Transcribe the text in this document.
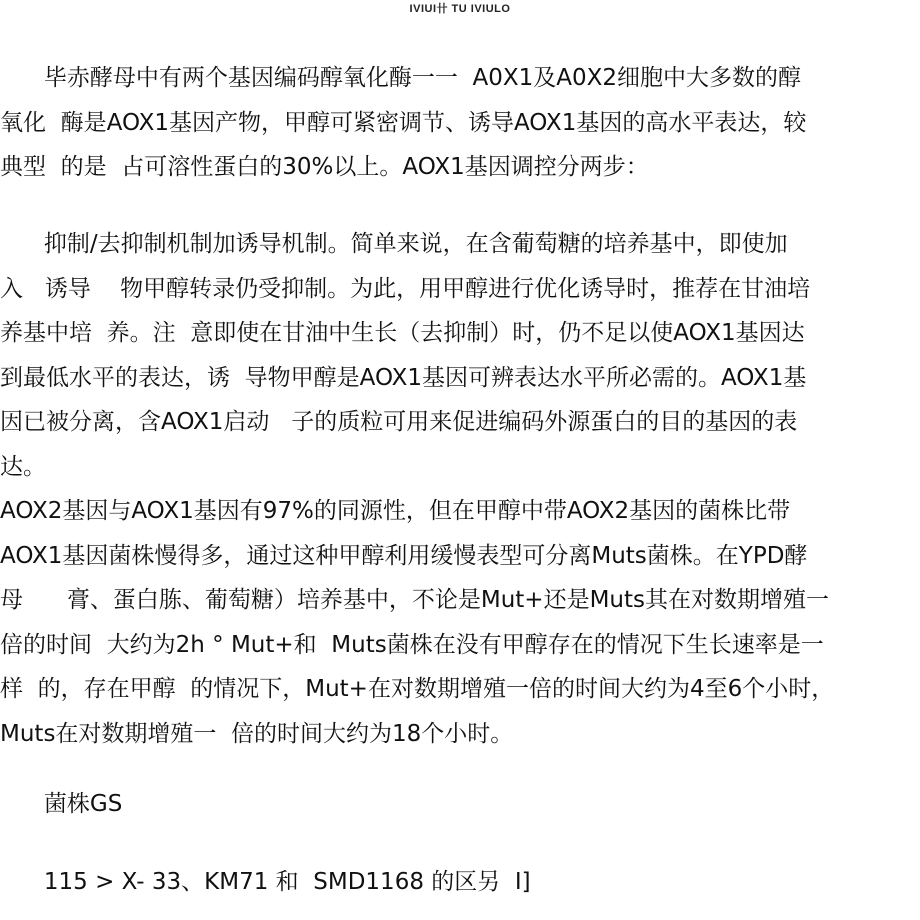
IVIUI卄 TU IVIULO
毕赤酵母中有两个基因编码醇氧化酶一一  A0X1及A0X2细胞中大多数的醇
氧化  酶是AOX1基因产物，甲醇可紧密调节、诱导AOX1基因的高水平表达，较
典型  的是  占可溶性蛋白的30%以上。AOX1基因调控分两步：
抑制/去抑制机制加诱导机制。简单来说，在含葡萄糖的培养基中，即使加
入   诱导    物甲醇转录仍受抑制。为此，用甲醇进行优化诱导时，推荐在甘油培
养基中培  养。注  意即使在甘油中生长（去抑制）时，仍不足以使AOX1基因达
到最低水平的表达，诱  导物甲醇是AOX1基因可辨表达水平所必需的。AOX1基
因已被分离，含AOX1启动   子的质粒可用来促进编码外源蛋白的目的基因的表
达。
AOX2基因与AOX1基因有97%的同源性，但在甲醇中带AOX2基因的菌株比带
AOX1基因菌株慢得多，通过这种甲醇利用缓慢表型可分离Muts菌株。在YPD酵
母      膏、蛋白胨、葡萄糖）培养基中，不论是Mut+还是Muts其在对数期增殖一
倍的时间  大约为2h ° Mut+和  Muts菌株在没有甲醇存在的情况下生长速率是一
样  的，存在甲醇  的情况下，Mut+在对数期增殖一倍的时间大约为4至6个小时，
Muts在对数期增殖一  倍的时间大约为18个小时。
菌株GS
115 > X- 33、KM71 和  SMD1168 的区另  I]
